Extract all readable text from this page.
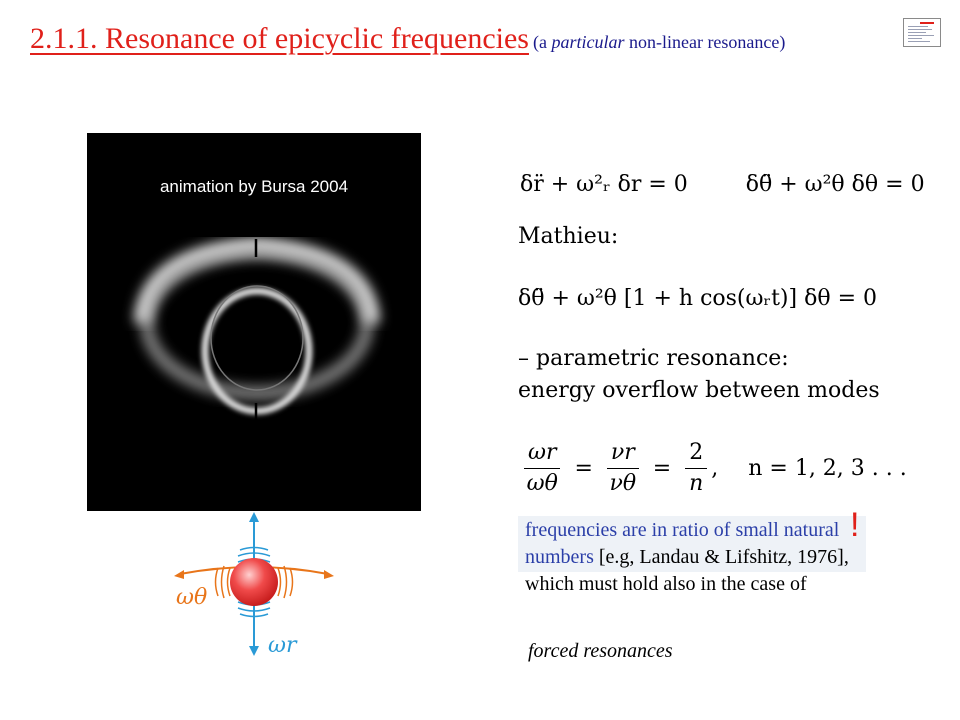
2.1.1. Resonance of epicyclic frequencies (a particular non-linear resonance)
animation by Bursa 2004
ωθ
ωr
δr̈ + ω²ᵣ δr = 0	δθ̈ + ω²θ δθ = 0
Mathieu:
δθ̈ + ω²θ [1 + h cos(ωᵣt)] δθ = 0
– parametric resonance:
energy overflow between modes
$\frac{\omega r}{\omega\theta} = \frac{\nu r}{\nu\theta} = \frac{2}{n}$ , n = 1, 2, 3 . . .
frequencies are in ratio of small natural numbers [e.g, Landau & Lifshitz, 1976], which must hold also in the case of
!
forced resonances
